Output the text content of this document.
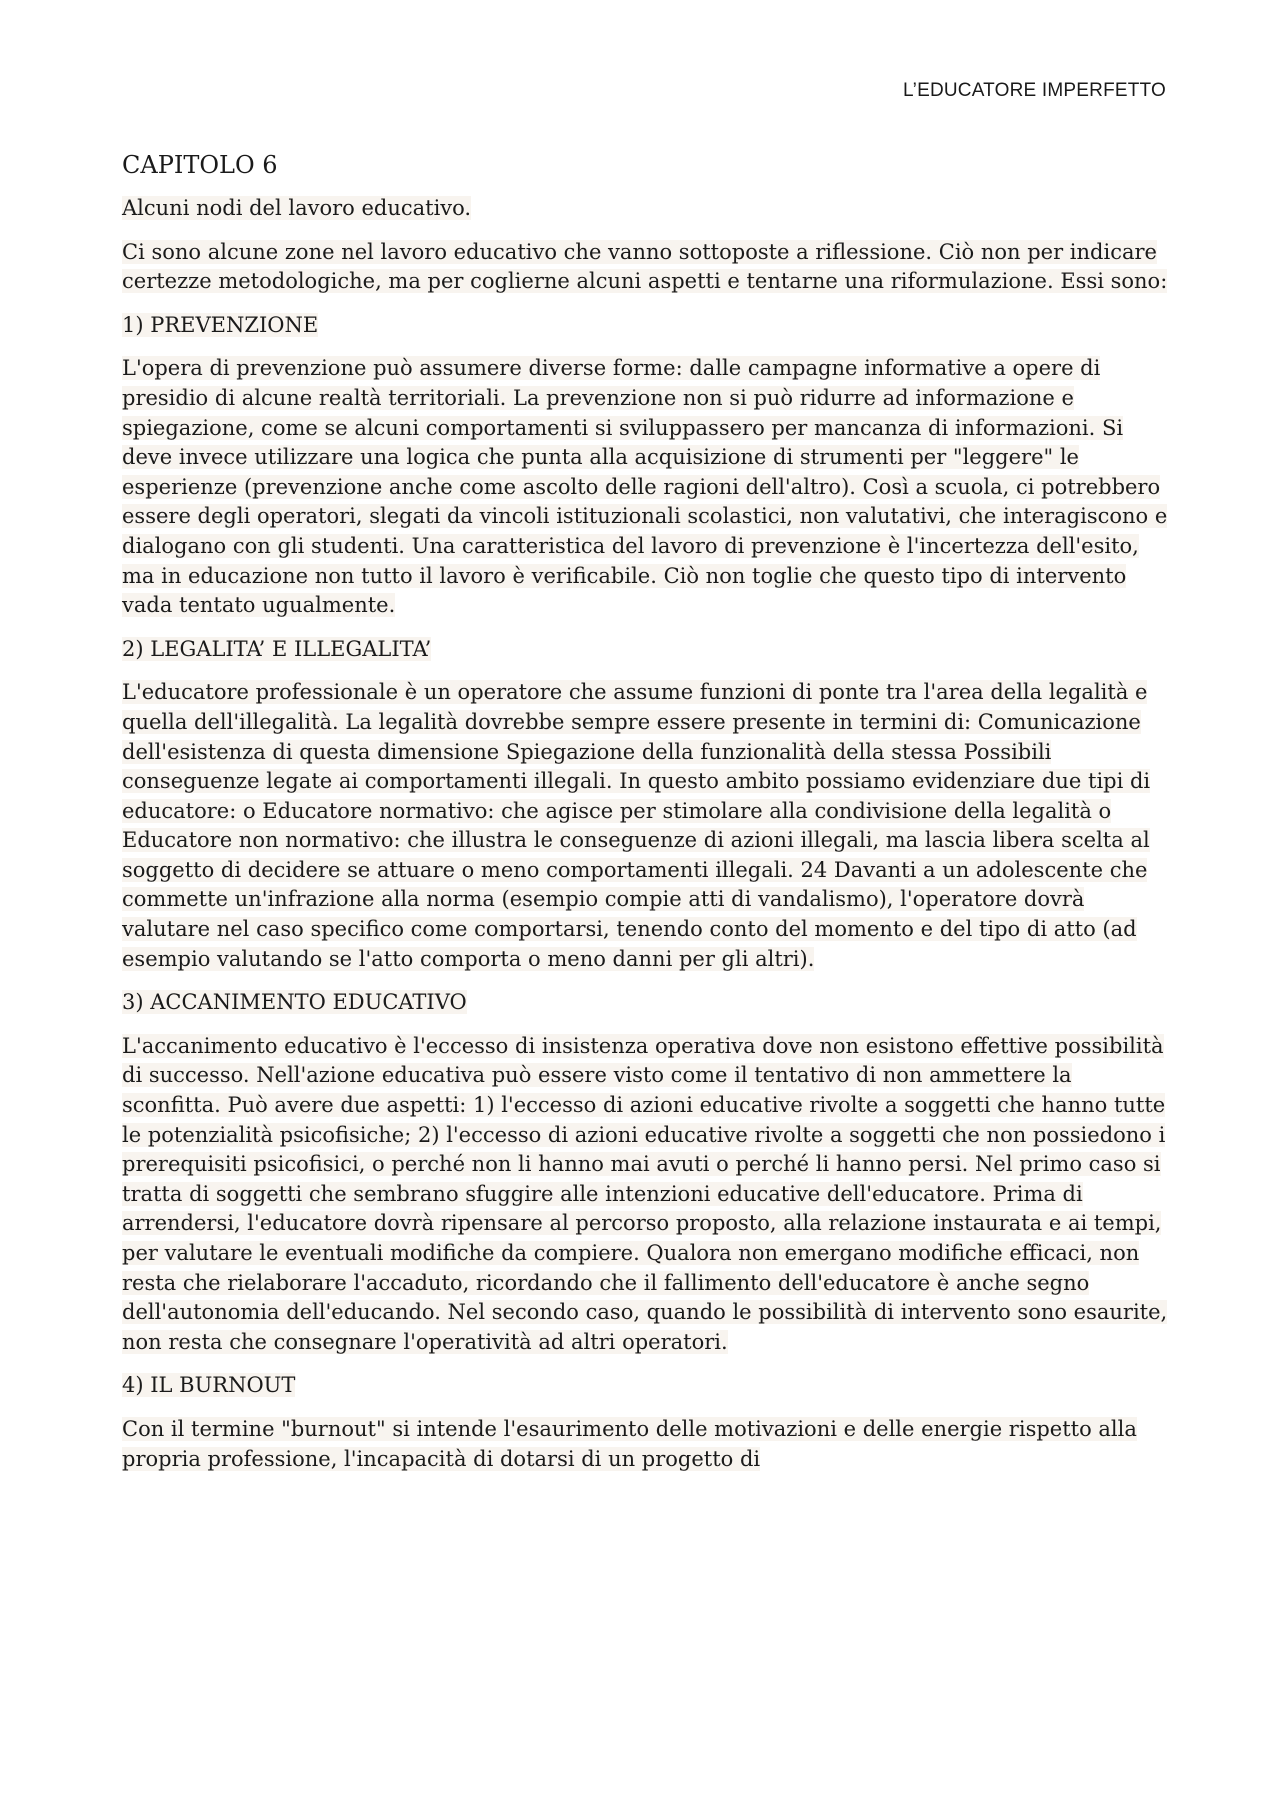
L’EDUCATORE IMPERFETTO
CAPITOLO 6

Alcuni nodi del lavoro educativo.

Ci sono alcune zone nel lavoro educativo che vanno sottoposte a riflessione. Ciò non per indicare certezze metodologiche, ma per coglierne alcuni aspetti e tentarne una riformulazione. Essi sono:

1) PREVENZIONE

L'opera di prevenzione può assumere diverse forme: dalle campagne informative a opere di presidio di alcune realtà territoriali. La prevenzione non si può ridurre ad informazione e spiegazione, come se alcuni comportamenti si sviluppassero per mancanza di informazioni. Si deve invece utilizzare una logica che punta alla acquisizione di strumenti per "leggere" le esperienze (prevenzione anche come ascolto delle ragioni dell'altro). Così a scuola, ci potrebbero essere degli operatori, slegati da vincoli istituzionali scolastici, non valutativi, che interagiscono e dialogano con gli studenti. Una caratteristica del lavoro di prevenzione è l'incertezza dell'esito, ma in educazione non tutto il lavoro è verificabile. Ciò non toglie che questo tipo di intervento vada tentato ugualmente.

2) LEGALITA’ E ILLEGALITA’

L'educatore professionale è un operatore che assume funzioni di ponte tra l'area della legalità e quella dell'illegalità. La legalità dovrebbe sempre essere presente in termini di: Comunicazione dell'esistenza di questa dimensione Spiegazione della funzionalità della stessa Possibili conseguenze legate ai comportamenti illegali. In questo ambito possiamo evidenziare due tipi di educatore: o Educatore normativo: che agisce per stimolare alla condivisione della legalità o Educatore non normativo: che illustra le conseguenze di azioni illegali, ma lascia libera scelta al soggetto di decidere se attuare o meno comportamenti illegali. 24 Davanti a un adolescente che commette un'infrazione alla norma (esempio compie atti di vandalismo), l'operatore dovrà valutare nel caso specifico come comportarsi, tenendo conto del momento e del tipo di atto (ad esempio valutando se l'atto comporta o meno danni per gli altri).

3) ACCANIMENTO EDUCATIVO

L'accanimento educativo è l'eccesso di insistenza operativa dove non esistono effettive possibilità di successo. Nell'azione educativa può essere visto come il tentativo di non ammettere la sconfitta. Può avere due aspetti: 1) l'eccesso di azioni educative rivolte a soggetti che hanno tutte le potenzialità psicofisiche; 2) l'eccesso di azioni educative rivolte a soggetti che non possiedono i prerequisiti psicofisici, o perché non li hanno mai avuti o perché li hanno persi. Nel primo caso si tratta di soggetti che sembrano sfuggire alle intenzioni educative dell'educatore. Prima di arrendersi, l'educatore dovrà ripensare al percorso proposto, alla relazione instaurata e ai tempi, per valutare le eventuali modifiche da compiere. Qualora non emergano modifiche efficaci, non resta che rielaborare l'accaduto, ricordando che il fallimento dell'educatore è anche segno dell'autonomia dell'educando. Nel secondo caso, quando le possibilità di intervento sono esaurite, non resta che consegnare l'operatività ad altri operatori.

4) IL BURNOUT

Con il termine "burnout" si intende l'esaurimento delle motivazioni e delle energie rispetto alla propria professione, l'incapacità di dotarsi di un progetto di
